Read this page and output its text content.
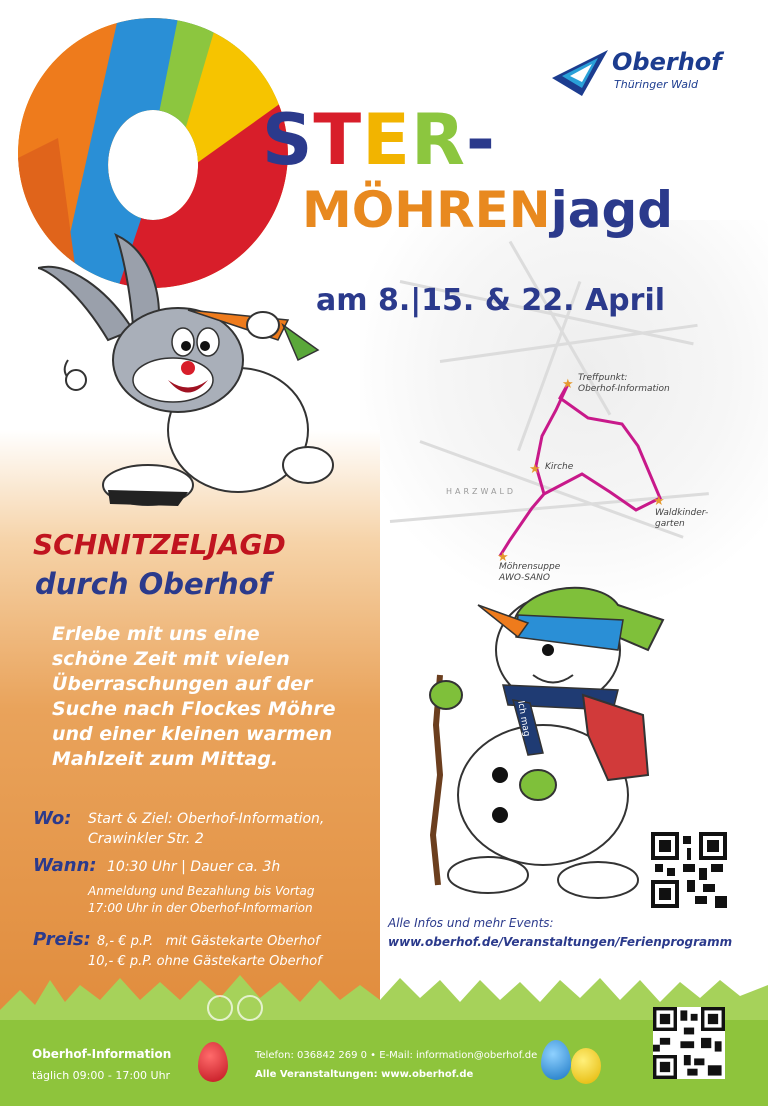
STER-
MÖHRENjagd
Oberhof
Thüringer Wald
am 8.|15. & 22. April
HARZWALD
★ Treffpunkt:
Oberhof-Information
★ Kirche
★
Waldkinder-
garten
★
Möhrensuppe
AWO-SANO
Ich mag
SCHNITZELJAGD
durch Oberhof
Erlebe mit uns eine
schöne Zeit mit vielen
Überraschungen auf der
Suche nach Flockes Möhre
und einer kleinen warmen
Mahlzeit zum Mittag.
Wo: Start & Ziel: Oberhof-Information,
Crawinkler Str. 2
Wann: 10:30 Uhr | Dauer ca. 3h
Anmeldung und Bezahlung bis Vortag
17:00 Uhr in der Oberhof-Informarion
Preis: 8,- € p.P.   mit Gästekarte Oberhof
10,- € p.P. ohne Gästekarte Oberhof
Alle Infos und mehr Events:
www.oberhof.de/Veranstaltungen/Ferienprogramm
Oberhof-Information
täglich 09:00 - 17:00 Uhr
Telefon: 036842 269 0 • E-Mail: information@oberhof.de
Alle Veranstaltungen: www.oberhof.de
